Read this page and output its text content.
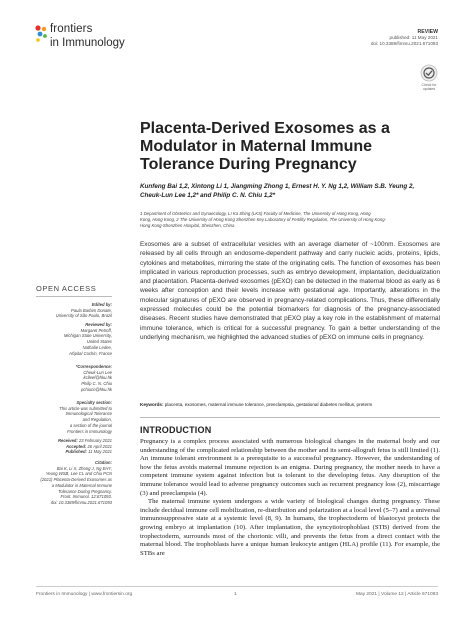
frontiers
in Immunology
REVIEW
published: 11 May 2021
doi: 10.3389/fimmu.2021.671093
Check for updates
Placenta-Derived Exosomes as a
Modulator in Maternal Immune
Tolerance During Pregnancy
Kunfeng Bai 1,2, Xintong Li 1, Jiangming Zhong 1, Ernest H. Y. Ng 1,2, William S.B. Yeung 2,
Cheuk-Lun Lee 1,2* and Philip C. N. Chiu 1,2*
1 Department of Obstetrics and Gynaecology, LI Ka Shing (LKS) Faculty of Medicine, The University of Hong Kong, Hong
Kong, Hong Kong, 2 The University of Hong Kong Shenzhen Key Laboratory of Fertility Regulation, The University of Hong Kong-
Hong Kong-Shenzhen Hospital, Shenzhen, China
Exosomes are a subset of extracellular vesicles with an average diameter of ~100nm. Exosomes are released by all cells through an endosome-dependent pathway and carry nucleic acids, proteins, lipids, cytokines and metabolites, mirroring the state of the originating cells. The function of exosomes has been implicated in various reproduction processes, such as embryo development, implantation, decidualization and placentation. Placenta-derived exosomes (pEXO) can be detected in the maternal blood as early as 6 weeks after conception and their levels increase with gestational age. Importantly, alterations in the molecular signatures of pEXO are observed in pregnancy-related complications. Thus, these differentially expressed molecules could be the potential biomarkers for diagnosis of the pregnancy-associated diseases. Recent studies have demonstrated that pEXO play a key role in the establishment of maternal immune tolerance, which is critical for a successful pregnancy. To gain a better understanding of the underlying mechanism, we highlighted the advanced studies of pEXO on immune cells in pregnancy.
Keywords: placenta, exosomes, maternal immune tolerance, preeclampsia, gestational diabetes mellitus, preterm
INTRODUCTION

Pregnancy is a complex process associated with numerous biological changes in the maternal body and our understanding of the complicated relationship between the mother and its semi-allograft fetus is still limited (1). An immune tolerant environment is a prerequisite to a successful pregnancy. However, the understanding of how the fetus avoids maternal immune rejection is an enigma. During pregnancy, the mother needs to have a competent immune system against infection but is tolerant to the developing fetus. Any disruption of the immune tolerance would lead to adverse pregnancy outcomes such as recurrent pregnancy loss (2), miscarriage (3) and preeclampsia (4).

The maternal immune system undergoes a wide variety of biological changes during pregnancy. These include decidual immune cell mobilization, re-distribution and polarization at a local level (5–7) and a universal immunosuppressive state at a systemic level (8, 9). In humans, the trophectoderm of blastocyst protects the growing embryo at implantation (10). After implantation, the syncytiotrophoblast (STB) derived from the trophectoderm, surrounds most of the chorionic villi, and prevents the fetus from a direct contact with the maternal blood. The trophoblasts have a unique human leukocyte antigen (HLA) profile (11). For example, the STBs are

OPEN ACCESS
Edited by:
Paula Barbim Donate,
University of São Paulo, Brazil
Reviewed by:
Margaret Petroff,
Michigan State University,
United States
Nathalie Ledee,
Hôpital Cochin, France
*Correspondence:
Cheuk-Lun Lee
kclleef@hku.hk
Philip C. N. Chiu
pchiucn@hku.hk
Specialty section:
This article was submitted to
Immunological Tolerance
and Regulation,
a section of the journal
Frontiers in Immunology
Received: 23 February 2021
Accepted: 26 April 2021
Published: 11 May 2021
Citation:
Bai K, Li X, Zhong J, Ng EHY,
Yeung WSB, Lee CL and Chiu PCN
(2021) Placenta-Derived Exosomes as
a Modulator in Maternal Immune
Tolerance During Pregnancy.
Front. Immunol. 12:671093.
doi: 10.3389/fimmu.2021.671093
Frontiers in Immunology | www.frontiersin.org	1	May 2021 | Volume 12 | Article 671093
